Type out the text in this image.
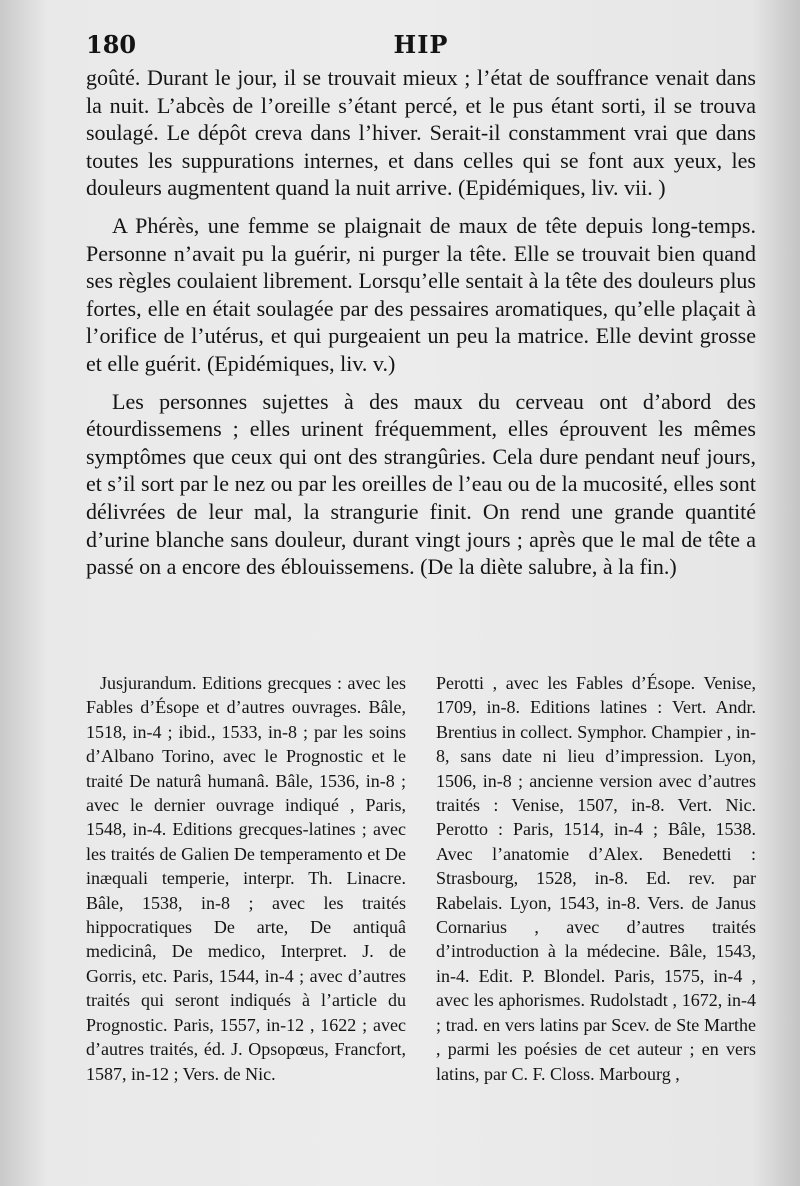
180	HIP

goûté. Durant le jour, il se trouvait mieux ; l’état de souffrance venait dans la nuit. L’abcès de l’oreille s’étant percé, et le pus étant sorti, il se trouva soulagé. Le dépôt creva dans l’hiver. Serait-il constamment vrai que dans toutes les suppurations internes, et dans celles qui se font aux yeux, les douleurs augmentent quand la nuit arrive. (Epidémiques, liv. vii. )

A Phérès, une femme se plaignait de maux de tête depuis long-temps. Personne n’avait pu la guérir, ni purger la tête. Elle se trouvait bien quand ses règles coulaient librement. Lorsqu’elle sentait à la tête des douleurs plus fortes, elle en était soulagée par des pessaires aromatiques, qu’elle plaçait à l’orifice de l’utérus, et qui purgeaient un peu la matrice. Elle devint grosse et elle guérit. (Epidémiques, liv. v.)

Les personnes sujettes à des maux du cerveau ont d’abord des étourdissemens ; elles urinent fréquemment, elles éprouvent les mêmes symptômes que ceux qui ont des strangûries. Cela dure pendant neuf jours, et s’il sort par le nez ou par les oreilles de l’eau ou de la mucosité, elles sont délivrées de leur mal, la strangurie finit. On rend une grande quantité d’urine blanche sans douleur, durant vingt jours ; après que le mal de tête a passé on a encore des éblouissemens. (De la diète salubre, à la fin.)

Jusjurandum. Editions grecques : avec les Fables d’Ésope et d’autres ouvrages. Bâle, 1518, in-4 ; ibid., 1533, in-8 ; par les soins d’Albano Torino, avec le Prognostic et le traité De naturâ humanâ. Bâle, 1536, in-8 ; avec le dernier ouvrage indiqué , Paris, 1548, in-4. Editions grecques-latines ; avec les traités de Galien De temperamento et De inæquali temperie, interpr. Th. Linacre. Bâle, 1538, in-8 ; avec les traités hippocratiques De arte, De antiquâ medicinâ, De medico, Interpret. J. de Gorris, etc. Paris, 1544, in-4 ; avec d’autres traités qui seront indiqués à l’article du Prognostic. Paris, 1557, in-12 , 1622 ; avec d’autres traités, éd. J. Opsopœus, Francfort, 1587, in-12 ; Vers. de Nic.

Perotti , avec les Fables d’Ésope. Venise, 1709, in-8. Editions latines : Vert. Andr. Brentius in collect. Symphor. Champier , in-8, sans date ni lieu d’impression. Lyon, 1506, in-8 ; ancienne version avec d’autres traités : Venise, 1507, in-8. Vert. Nic. Perotto : Paris, 1514, in-4 ; Bâle, 1538. Avec l’anatomie d’Alex. Benedetti : Strasbourg, 1528, in-8. Ed. rev. par Rabelais. Lyon, 1543, in-8. Vers. de Janus Cornarius , avec d’autres traités d’introduction à la médecine. Bâle, 1543, in-4. Edit. P. Blondel. Paris, 1575, in-4 , avec les aphorismes. Rudolstadt , 1672, in-4 ; trad. en vers latins par Scev. de Ste Marthe , parmi les poésies de cet auteur ; en vers latins, par C. F. Closs. Marbourg ,
